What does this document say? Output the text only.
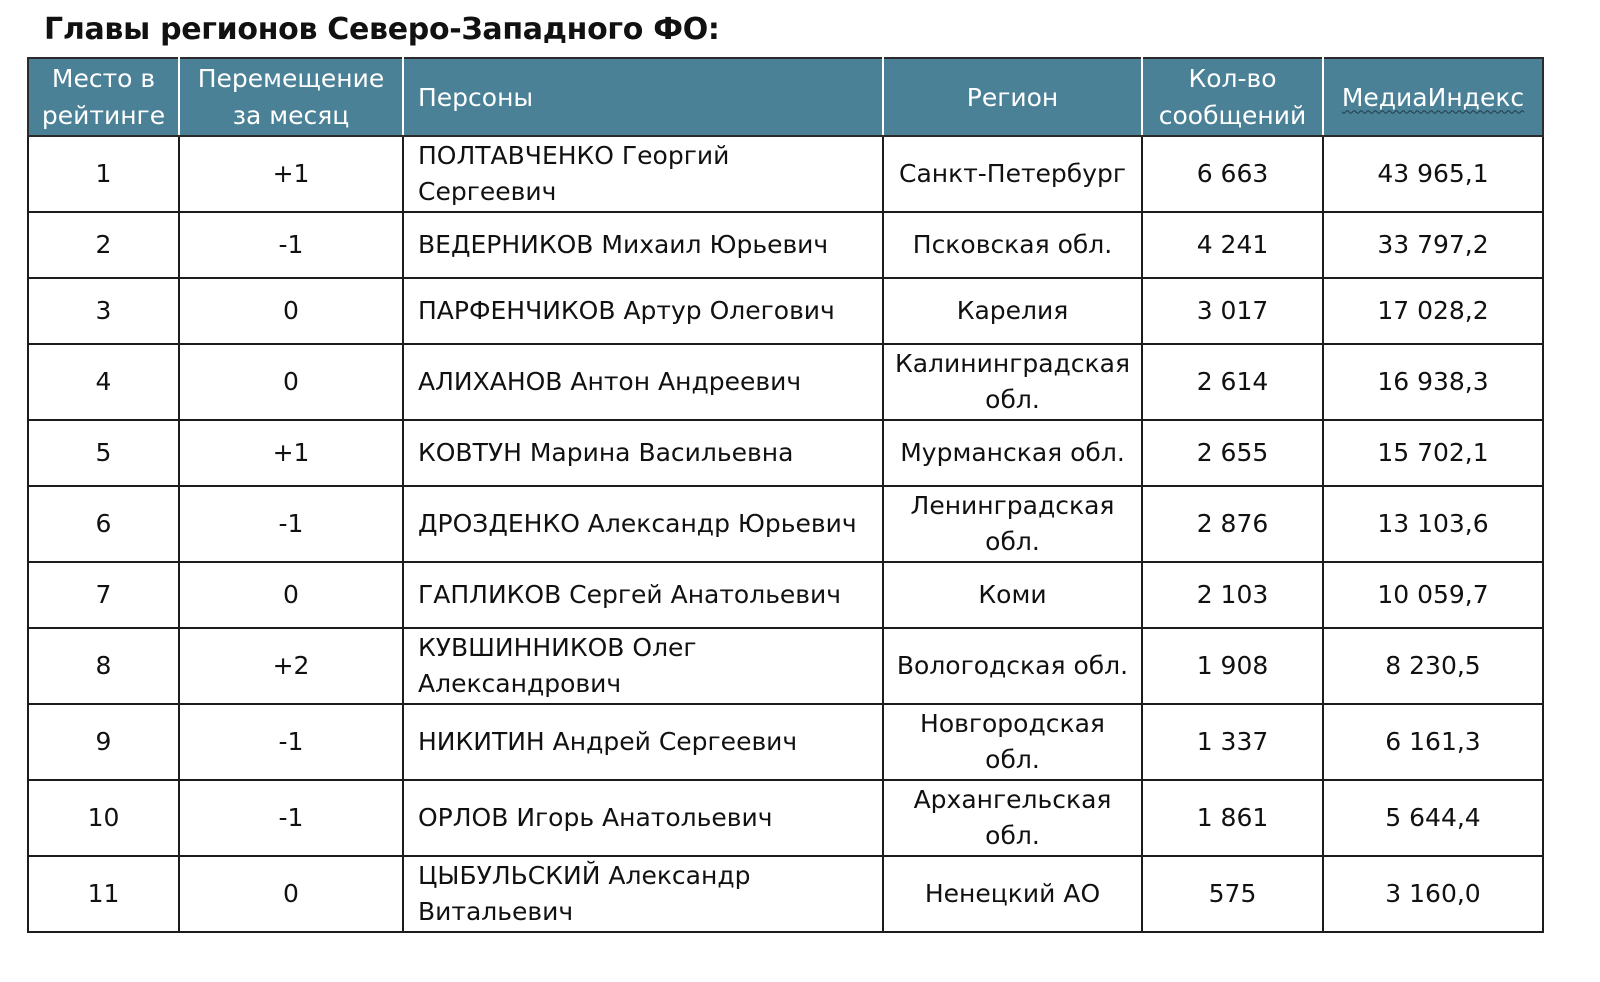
Главы регионов Северо-Западного ФО:
Место в рейтинге	Перемещение за месяц	Персоны	Регион	Кол-во сообщений	МедиаИндекс
1	+1	ПОЛТАВЧЕНКО Георгий Сергеевич	Санкт-Петербург	6 663	43 965,1
2	-1	ВЕДЕРНИКОВ Михаил Юрьевич	Псковская обл.	4 241	33 797,2
3	0	ПАРФЕНЧИКОВ Артур Олегович	Карелия	3 017	17 028,2
4	0	АЛИХАНОВ Антон Андреевич	Калининградская обл.	2 614	16 938,3
5	+1	КОВТУН Марина Васильевна	Мурманская обл.	2 655	15 702,1
6	-1	ДРОЗДЕНКО Александр Юрьевич	Ленинградская обл.	2 876	13 103,6
7	0	ГАПЛИКОВ Сергей Анатольевич	Коми	2 103	10 059,7
8	+2	КУВШИННИКОВ Олег Александрович	Вологодская обл.	1 908	8 230,5
9	-1	НИКИТИН Андрей Сергеевич	Новгородская обл.	1 337	6 161,3
10	-1	ОРЛОВ Игорь Анатольевич	Архангельская обл.	1 861	5 644,4
11	0	ЦЫБУЛЬСКИЙ Александр Витальевич	Ненецкий АО	575	3 160,0
